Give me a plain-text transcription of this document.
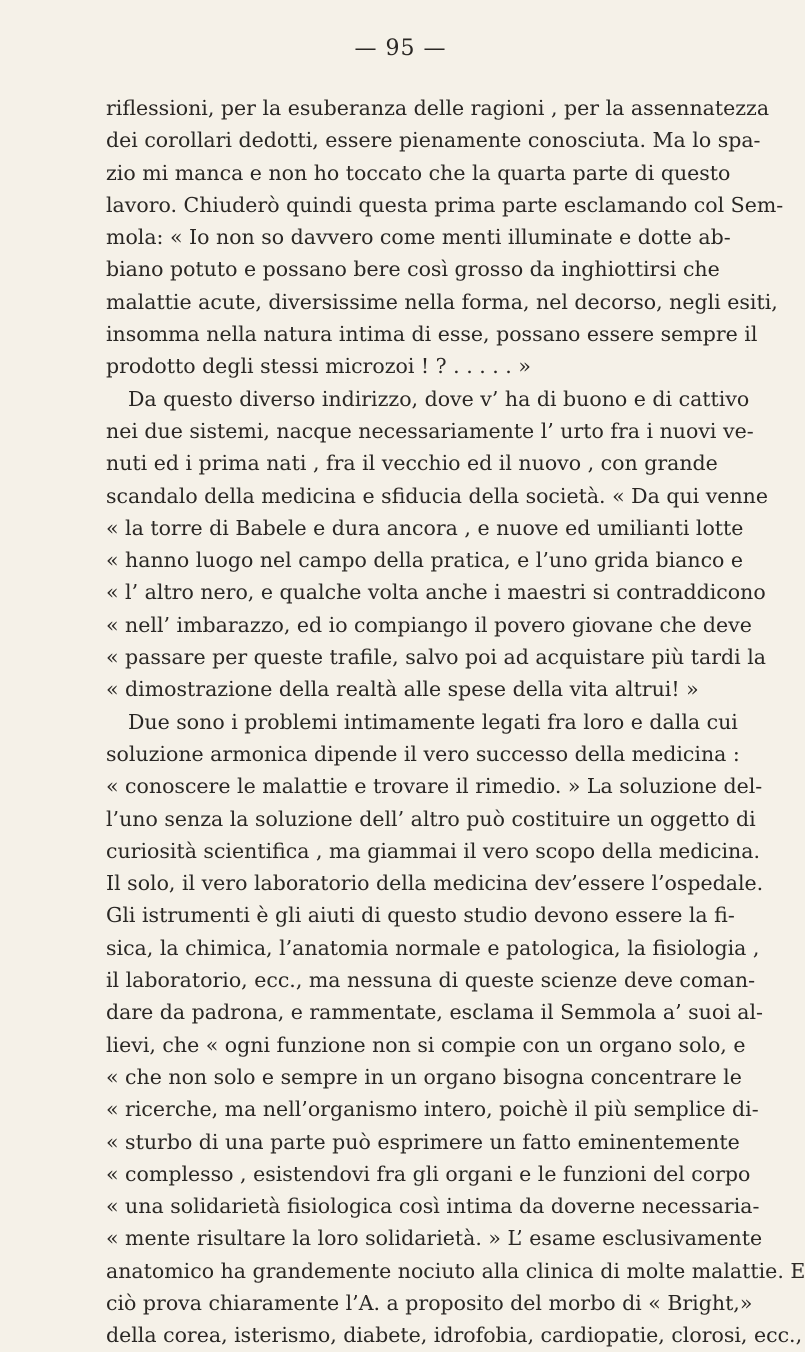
— 95 —
riflessioni, per la esuberanza delle ragioni , per la assennatezza
dei corollari dedotti, essere pienamente conosciuta. Ma lo spa-
zio mi manca e non ho toccato che la quarta parte di questo
lavoro. Chiuderò quindi questa prima parte esclamando col Sem-
mola: « Io non so davvero come menti illuminate e dotte ab-
biano potuto e possano bere così grosso da inghiottirsi che
malattie acute, diversissime nella forma, nel decorso, negli esiti,
insomma nella natura intima di esse, possano essere sempre il
prodotto degli stessi microzoi ! ? . . . . . »
Da questo diverso indirizzo, dove v’ ha di buono e di cattivo
nei due sistemi, nacque necessariamente l’ urto fra i nuovi ve-
nuti ed i prima nati , fra il vecchio ed il nuovo , con grande
scandalo della medicina e sfiducia della società. « Da qui venne
« la torre di Babele e dura ancora , e nuove ed umilianti lotte
« hanno luogo nel campo della pratica, e l’uno grida bianco e
« l’ altro nero, e qualche volta anche i maestri si contraddicono
« nell’ imbarazzo, ed io compiango il povero giovane che deve
« passare per queste trafile, salvo poi ad acquistare più tardi la
« dimostrazione della realtà alle spese della vita altrui! »
Due sono i problemi intimamente legati fra loro e dalla cui
soluzione armonica dipende il vero successo della medicina :
« conoscere le malattie e trovare il rimedio. » La soluzione del-
l’uno senza la soluzione dell’ altro può costituire un oggetto di
curiosità scientifica , ma giammai il vero scopo della medicina.
Il solo, il vero laboratorio della medicina dev’essere l’ospedale.
Gli istrumenti è gli aiuti di questo studio devono essere la fi-
sica, la chimica, l’anatomia normale e patologica, la fisiologia ,
il laboratorio, ecc., ma nessuna di queste scienze deve coman-
dare da padrona, e rammentate, esclama il Semmola a’ suoi al-
lievi, che « ogni funzione non si compie con un organo solo, e
« che non solo e sempre in un organo bisogna concentrare le
« ricerche, ma nell’organismo intero, poichè il più semplice di-
« sturbo di una parte può esprimere un fatto eminentemente
« complesso , esistendovi fra gli organi e le funzioni del corpo
« una solidarietà fisiologica così intima da doverne necessaria-
« mente risultare la loro solidarietà. » L’ esame esclusivamente
anatomico ha grandemente nociuto alla clinica di molte malattie. E
ciò prova chiaramente l’A. a proposito del morbo di « Bright,»
della corea, isterismo, diabete, idrofobia, cardiopatie, clorosi, ecc.,
